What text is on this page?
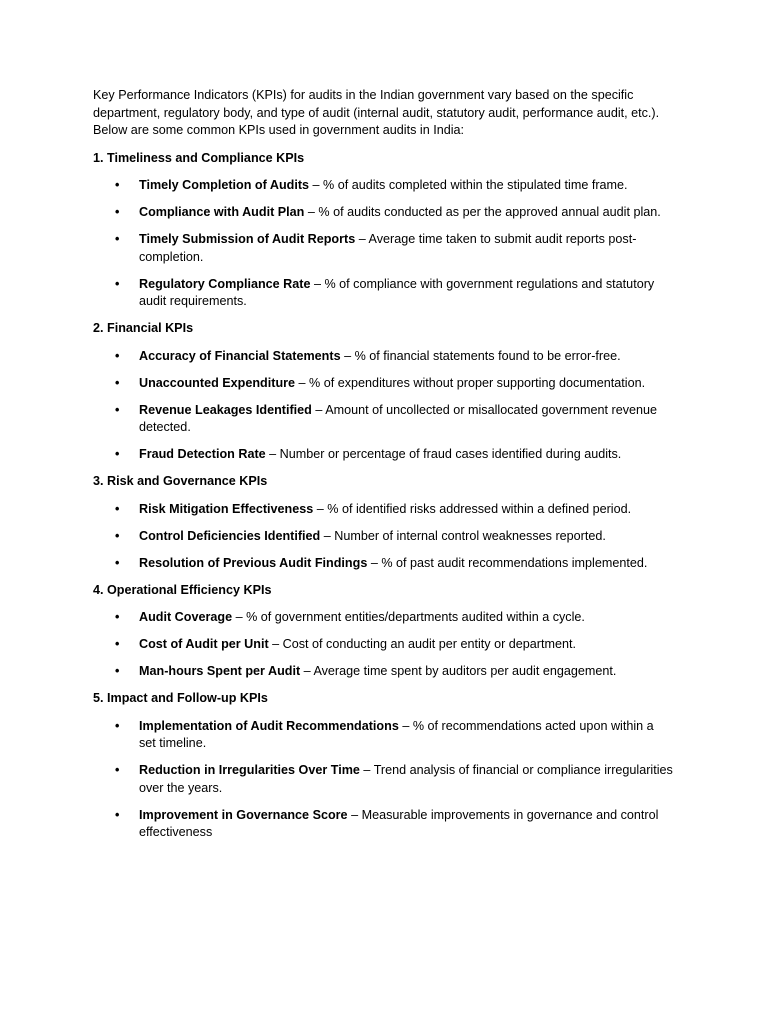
Key Performance Indicators (KPIs) for audits in the Indian government vary based on the specific department, regulatory body, and type of audit (internal audit, statutory audit, performance audit, etc.). Below are some common KPIs used in government audits in India:

1. Timeliness and Compliance KPIs
• Timely Completion of Audits – % of audits completed within the stipulated time frame.
• Compliance with Audit Plan – % of audits conducted as per the approved annual audit plan.
• Timely Submission of Audit Reports – Average time taken to submit audit reports post-completion.
• Regulatory Compliance Rate – % of compliance with government regulations and statutory audit requirements.
2. Financial KPIs
• Accuracy of Financial Statements – % of financial statements found to be error-free.
• Unaccounted Expenditure – % of expenditures without proper supporting documentation.
• Revenue Leakages Identified – Amount of uncollected or misallocated government revenue detected.
• Fraud Detection Rate – Number or percentage of fraud cases identified during audits.
3. Risk and Governance KPIs
• Risk Mitigation Effectiveness – % of identified risks addressed within a defined period.
• Control Deficiencies Identified – Number of internal control weaknesses reported.
• Resolution of Previous Audit Findings – % of past audit recommendations implemented.
4. Operational Efficiency KPIs
• Audit Coverage – % of government entities/departments audited within a cycle.
• Cost of Audit per Unit – Cost of conducting an audit per entity or department.
• Man-hours Spent per Audit – Average time spent by auditors per audit engagement.
5. Impact and Follow-up KPIs
• Implementation of Audit Recommendations – % of recommendations acted upon within a set timeline.
• Reduction in Irregularities Over Time – Trend analysis of financial or compliance irregularities over the years.
• Improvement in Governance Score – Measurable improvements in governance and control effectiveness
